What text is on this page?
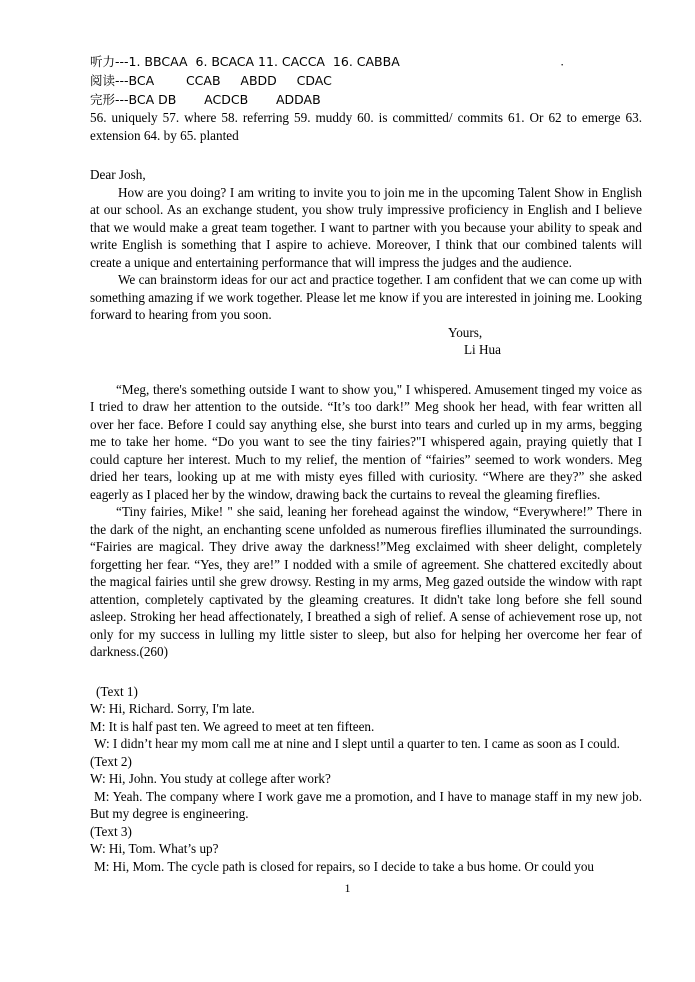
·
听力---1. BBCAA  6. BCACA 11. CACCA  16. CABBA
阅读---BCA        CCAB     ABDD     CDAC
完形---BCA DB       ACDCB       ADDAB

56. uniquely 57. where 58. referring 59. muddy 60. is committed/ commits 61. Or 62 to emerge 63. extension 64. by 65. planted

Dear Josh,

How are you doing? I am writing to invite you to join me in the upcoming Talent Show in English at our school. As an exchange student, you show truly impressive proficiency in English and I believe that we would make a great team together. I want to partner with you because your ability to speak and write English is something that I aspire to achieve. Moreover, I think that our combined talents will create a unique and entertaining performance that will impress the judges and the audience.

We can brainstorm ideas for our act and practice together. I am confident that we can come up with something amazing if we work together. Please let me know if you are interested in joining me. Looking forward to hearing from you soon.

Yours,
Li Hua

“Meg, there's something outside I want to show you," I whispered. Amusement tinged my voice as I tried to draw her attention to the outside. “It’s too dark!” Meg shook her head, with fear written all over her face. Before I could say anything else, she burst into tears and curled up in my arms, begging me to take her home. “Do you want to see the tiny fairies?"I whispered again, praying quietly that I could capture her interest. Much to my relief, the mention of “fairies” seemed to work wonders. Meg dried her tears, looking up at me with misty eyes filled with curiosity. “Where are they?” she asked eagerly as I placed her by the window, drawing back the curtains to reveal the gleaming fireflies.

“Tiny fairies, Mike! " she said, leaning her forehead against the window, “Everywhere!” There in the dark of the night, an enchanting scene unfolded as numerous fireflies illuminated the surroundings. “Fairies are magical. They drive away the darkness!”Meg exclaimed with sheer delight, completely forgetting her fear. “Yes, they are!” I nodded with a smile of agreement. She chattered excitedly about the magical fairies until she grew drowsy. Resting in my arms, Meg gazed outside the window with rapt attention, completely captivated by the gleaming creatures. It didn't take long before she fell sound asleep. Stroking her head affectionately, I breathed a sigh of relief. A sense of achievement rose up, not only for my success in lulling my little sister to sleep, but also for helping her overcome her fear of darkness.(260)

(Text 1)
W: Hi, Richard. Sorry, I'm late.
M: It is half past ten. We agreed to meet at ten fifteen.

W: I didn’t hear my mom call me at nine and I slept until a quarter to ten. I came as soon as I could.

(Text 2)
W: Hi, John. You study at college after work?

M: Yeah. The company where I work gave me a promotion, and I have to manage staff in my new job. But my degree is engineering.

(Text 3)
W: Hi, Tom. What’s up?
M: Hi, Mom. The cycle path is closed for repairs, so I decide to take a bus home. Or could you
1
